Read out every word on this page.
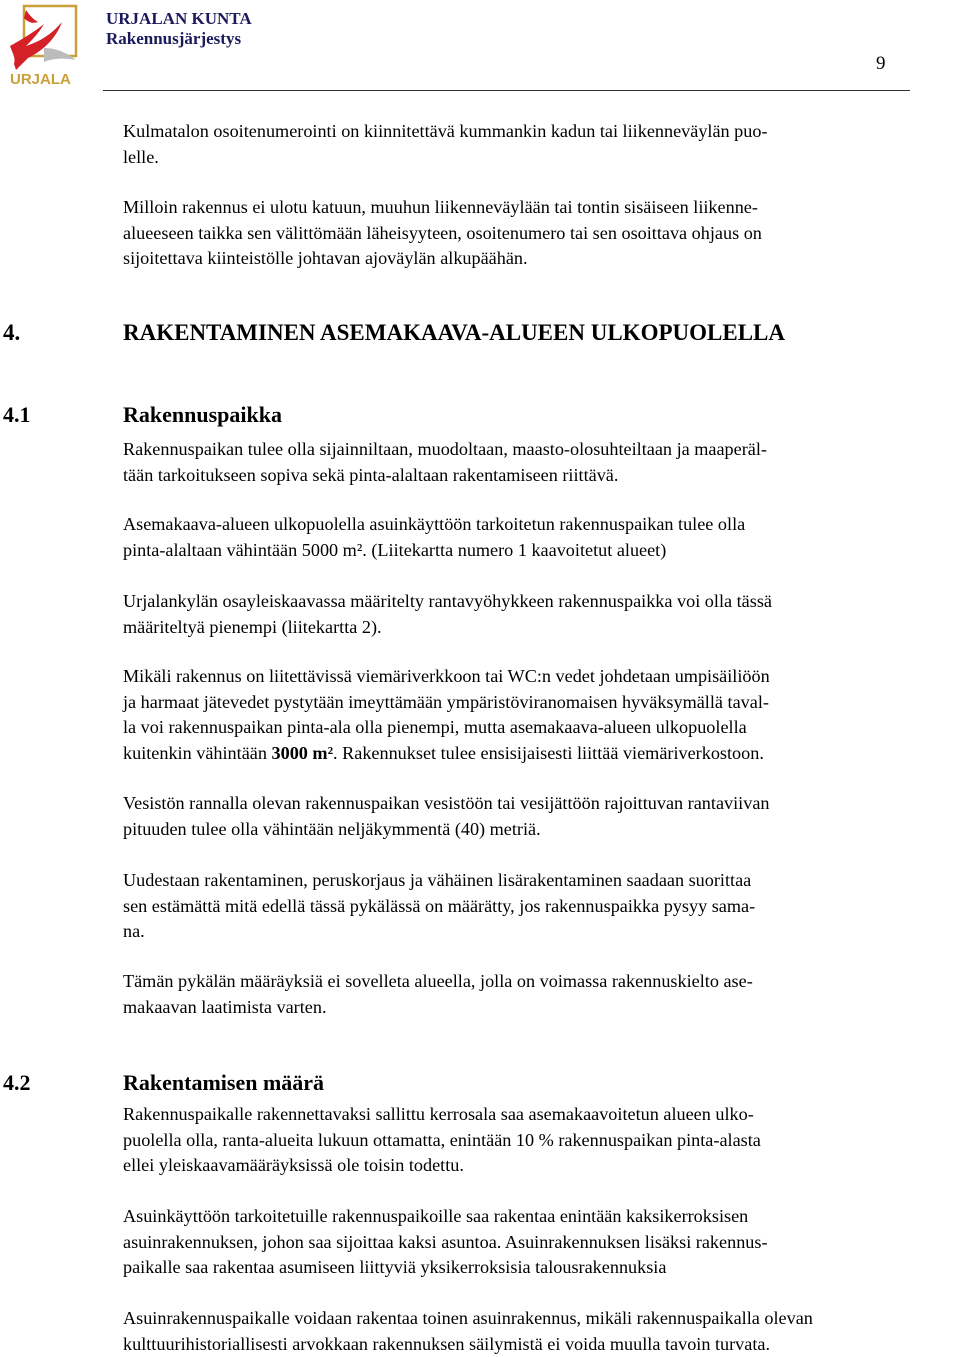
URJALA
URJALAN KUNTA
Rakennusjärjestys
9
Kulmatalon osoitenumerointi on kiinnitettävä kummankin kadun tai liikenneväylän puo-
lelle.
Milloin rakennus ei ulotu katuun, muuhun liikenneväylään tai tontin sisäiseen liikenne-
alueeseen taikka sen välittömään läheisyyteen, osoitenumero tai sen osoittava ohjaus on
sijoitettava kiinteistölle johtavan ajoväylän alkupäähän.
4.	RAKENTAMINEN ASEMAKAAVA-ALUEEN ULKOPUOLELLA
4.1	Rakennuspaikka
Rakennuspaikan tulee olla sijainniltaan, muodoltaan, maasto-olosuhteiltaan ja maaperäl-
tään tarkoitukseen sopiva sekä pinta-alaltaan rakentamiseen riittävä.
Asemakaava-alueen ulkopuolella asuinkäyttöön tarkoitetun rakennuspaikan tulee olla
pinta-alaltaan vähintään 5000 m². (Liitekartta numero 1 kaavoitetut alueet)
Urjalankylän osayleiskaavassa määritelty rantavyöhykkeen rakennuspaikka voi olla tässä
määriteltyä pienempi (liitekartta 2).
Mikäli rakennus on liitettävissä viemäriverkkoon tai WC:n vedet johdetaan umpisäiliöön
ja harmaat jätevedet pystytään imeyttämään ympäristöviranomaisen hyväksymällä taval-
la voi rakennuspaikan pinta-ala olla pienempi, mutta asemakaava-alueen ulkopuolella
kuitenkin vähintään 3000 m². Rakennukset tulee ensisijaisesti liittää viemäriverkostoon.
Vesistön rannalla olevan rakennuspaikan vesistöön tai vesijättöön rajoittuvan rantaviivan
pituuden tulee olla vähintään neljäkymmentä (40) metriä.
Uudestaan rakentaminen, peruskorjaus ja vähäinen lisärakentaminen saadaan suorittaa
sen estämättä mitä edellä tässä pykälässä on määrätty, jos rakennuspaikka pysyy sama-
na.
Tämän pykälän määräyksiä ei sovelleta alueella, jolla on voimassa rakennuskielto ase-
makaavan laatimista varten.
4.2	Rakentamisen määrä
Rakennuspaikalle rakennettavaksi sallittu kerrosala saa asemakaavoitetun alueen ulko-
puolella olla, ranta-alueita lukuun ottamatta, enintään 10 % rakennuspaikan pinta-alasta
ellei yleiskaavamääräyksissä ole toisin todettu.
Asuinkäyttöön tarkoitetuille rakennuspaikoille saa rakentaa enintään kaksikerroksisen
asuinrakennuksen, johon saa sijoittaa kaksi asuntoa. Asuinrakennuksen lisäksi rakennus-
paikalle saa rakentaa asumiseen liittyviä yksikerroksisia talousrakennuksia
Asuinrakennuspaikalle voidaan rakentaa toinen asuinrakennus, mikäli rakennuspaikalla olevan
kulttuurihistoriallisesti arvokkaan rakennuksen säilymistä ei voida muulla tavoin turvata.
